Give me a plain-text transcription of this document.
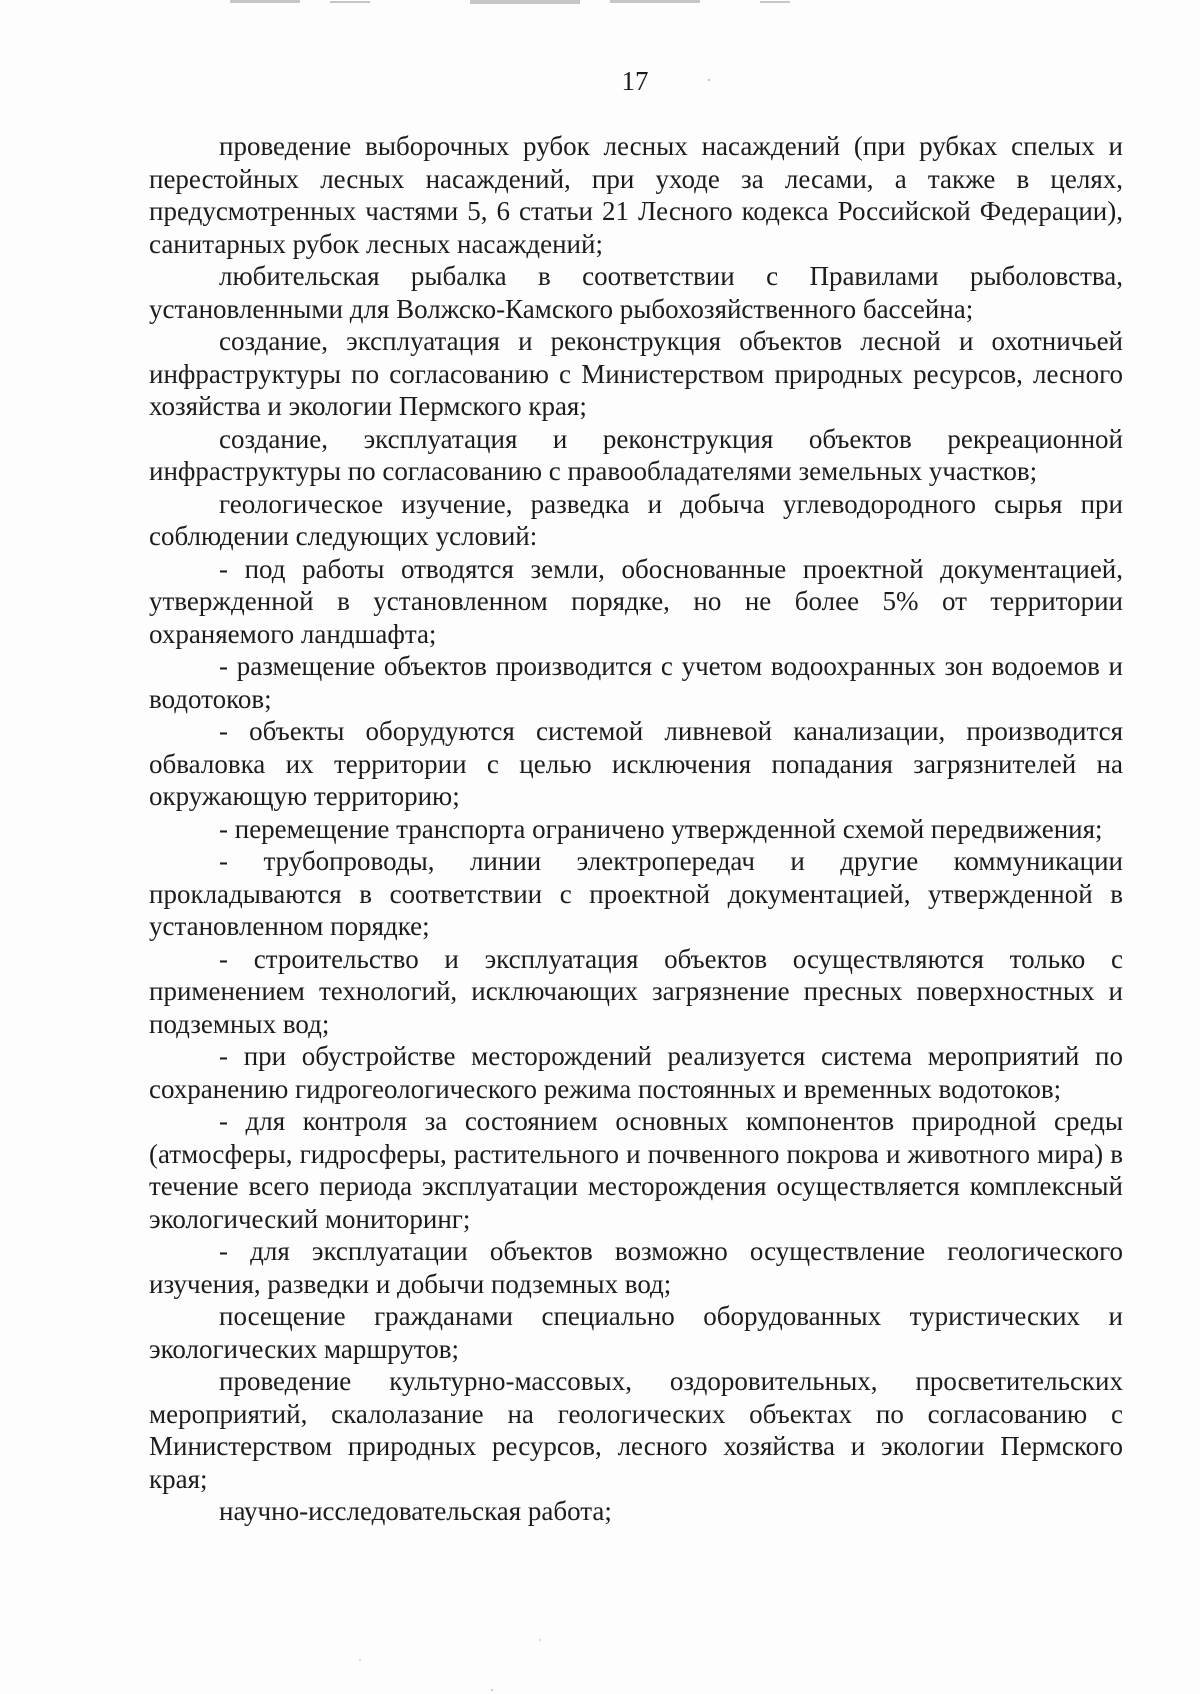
17

проведение выборочных рубок лесных насаждений (при рубках спелых и перестойных лесных насаждений, при уходе за лесами, а также в целях, предусмотренных частями 5, 6 статьи 21 Лесного кодекса Российской Федерации), санитарных рубок лесных насаждений;

любительская рыбалка в соответствии с Правилами рыболовства, установленными для Волжско-Камского рыбохозяйственного бассейна;

создание, эксплуатация и реконструкция объектов лесной и охотничьей инфраструктуры по согласованию с Министерством природных ресурсов, лесного хозяйства и экологии Пермского края;

создание, эксплуатация и реконструкция объектов рекреационной инфраструктуры по согласованию с правообладателями земельных участков;

геологическое изучение, разведка и добыча углеводородного сырья при соблюдении следующих условий:

- под работы отводятся земли, обоснованные проектной документацией, утвержденной в установленном порядке, но не более 5% от территории охраняемого ландшафта;

- размещение объектов производится с учетом водоохранных зон водоемов и водотоков;

- объекты оборудуются системой ливневой канализации, производится обваловка их территории с целью исключения попадания загрязнителей на окружающую территорию;

- перемещение транспорта ограничено утвержденной схемой передвижения;

- трубопроводы, линии электропередач и другие коммуникации прокладываются в соответствии с проектной документацией, утвержденной в установленном порядке;

- строительство и эксплуатация объектов осуществляются только с применением технологий, исключающих загрязнение пресных поверхностных и подземных вод;

- при обустройстве месторождений реализуется система мероприятий по сохранению гидрогеологического режима постоянных и временных водотоков;

- для контроля за состоянием основных компонентов природной среды (атмосферы, гидросферы, растительного и почвенного покрова и животного мира) в течение всего периода эксплуатации месторождения осуществляется комплексный экологический мониторинг;

- для эксплуатации объектов возможно осуществление геологического изучения, разведки и добычи подземных вод;

посещение гражданами специально оборудованных туристических и экологических маршрутов;

проведение культурно-массовых, оздоровительных, просветительских мероприятий, скалолазание на геологических объектах по согласованию с Министерством природных ресурсов, лесного хозяйства и экологии Пермского края;

научно-исследовательская работа;
